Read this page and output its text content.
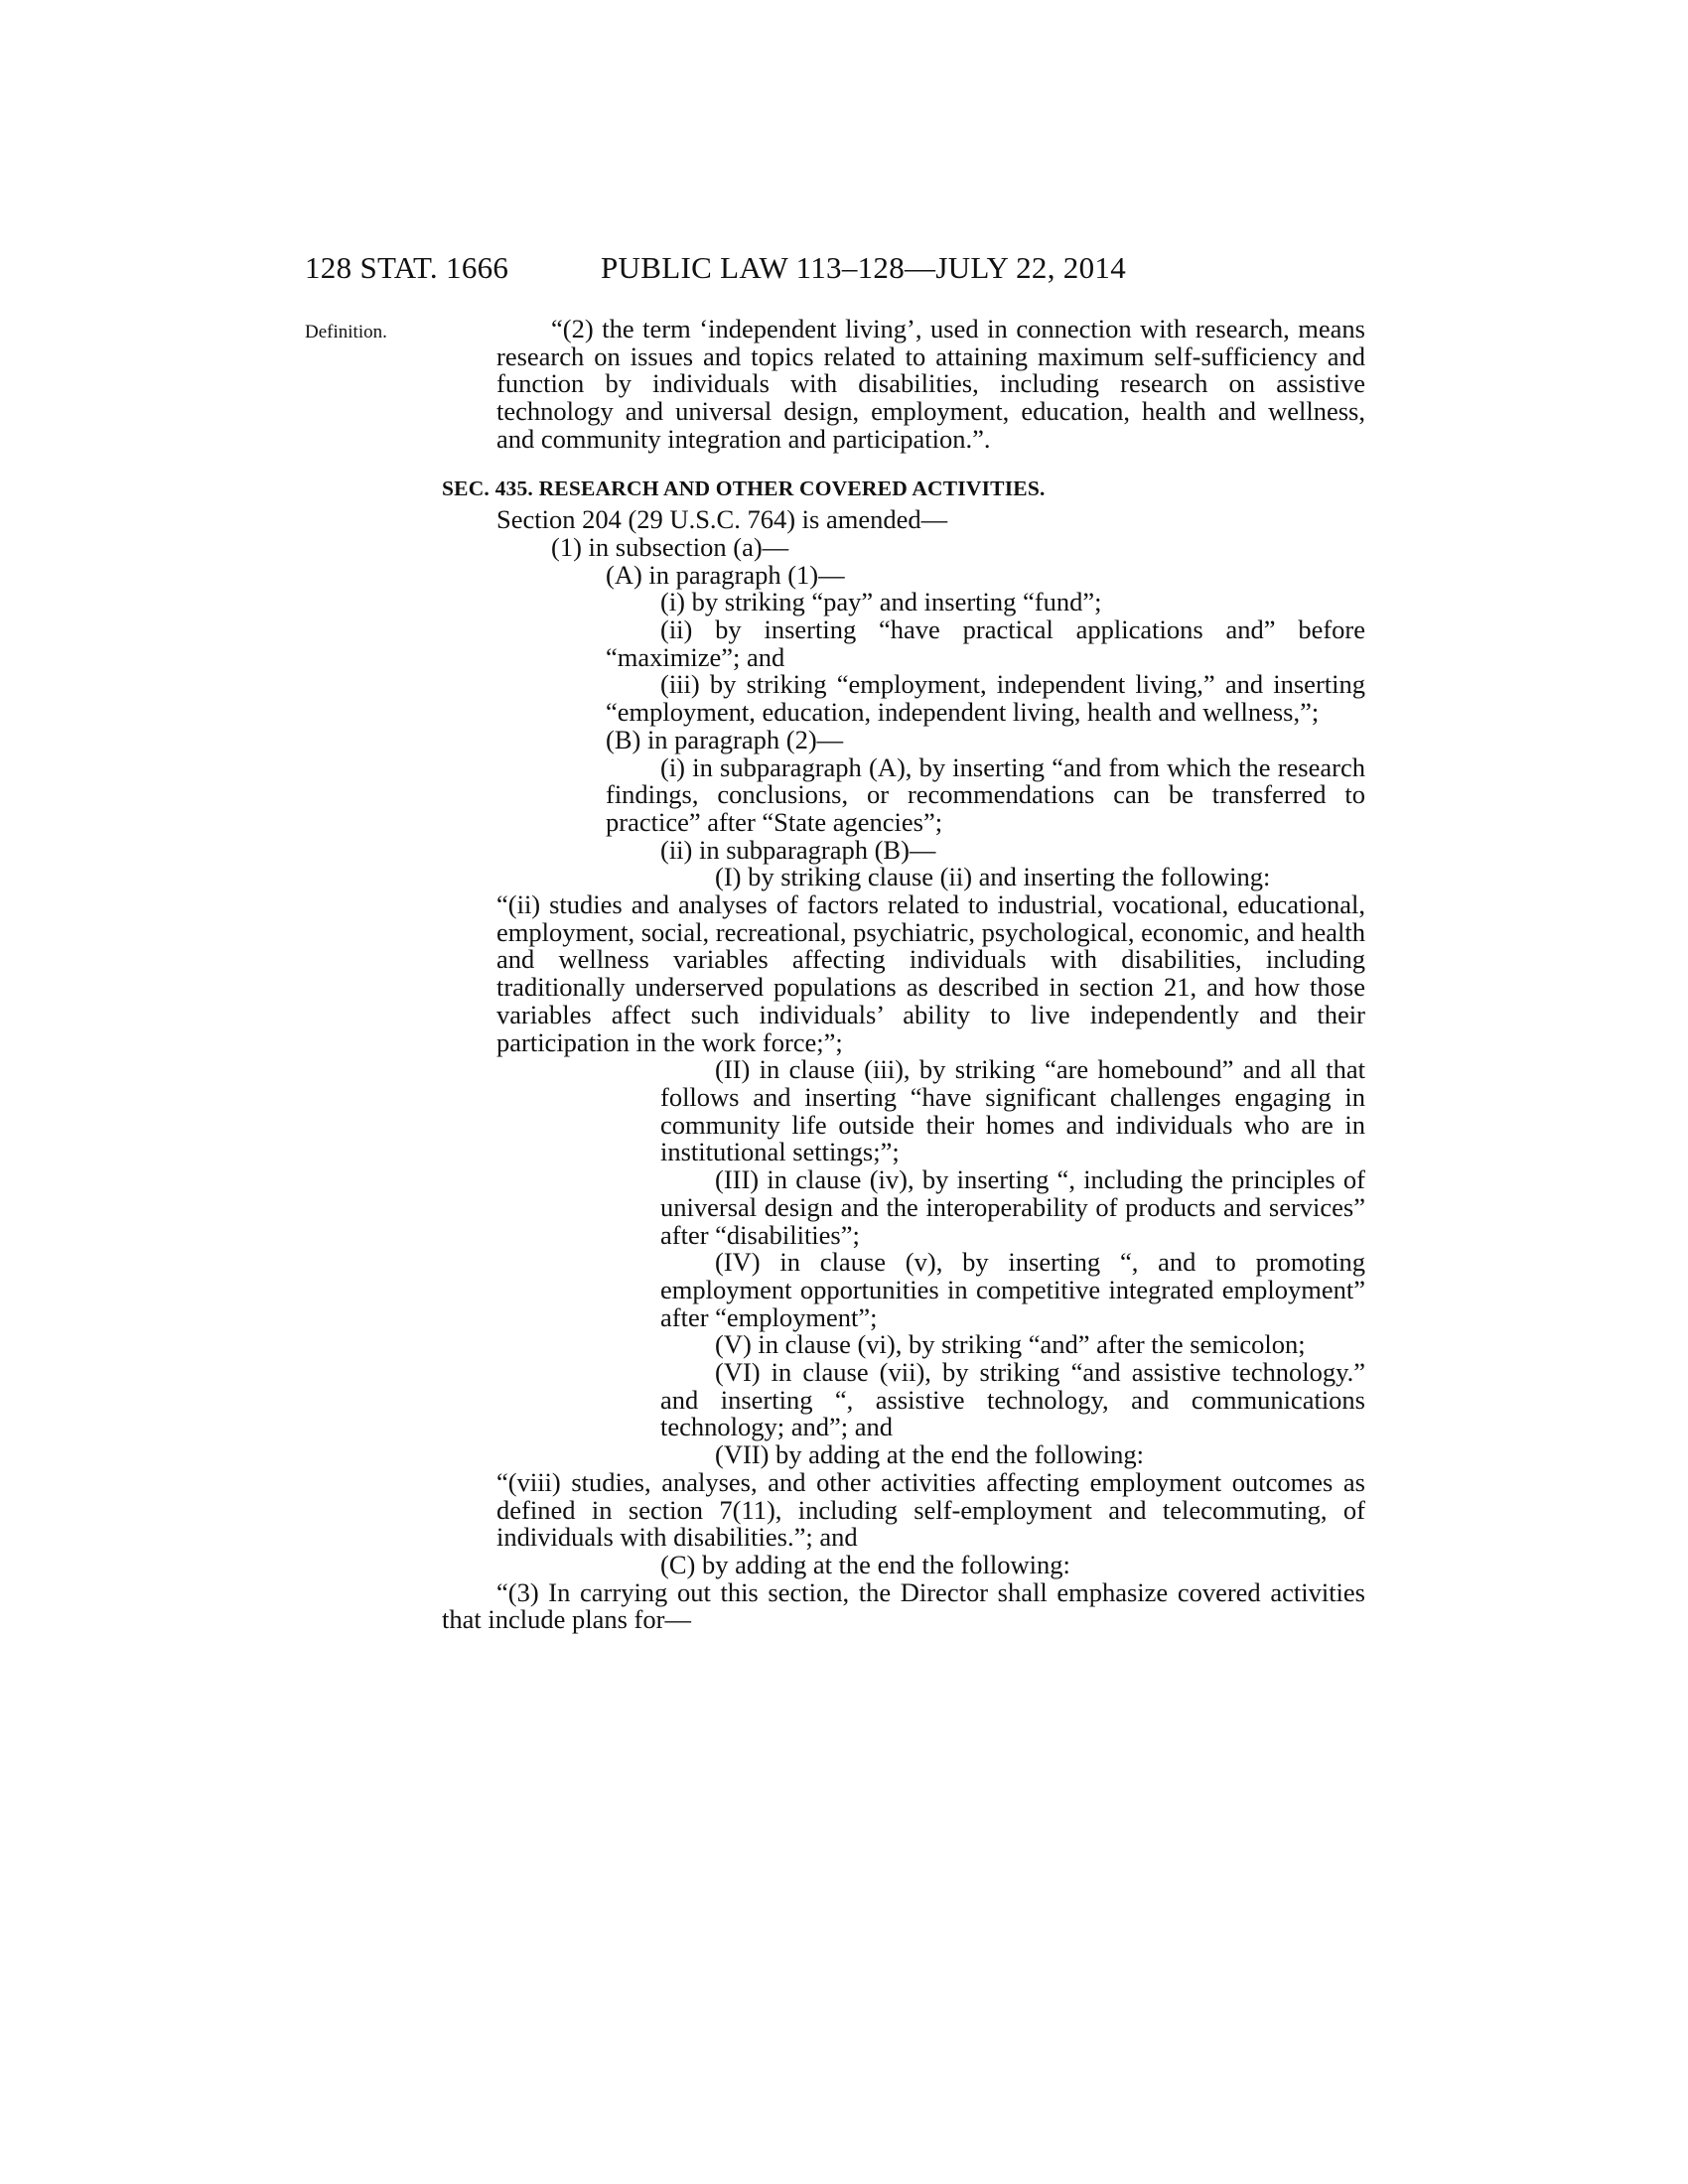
128 STAT. 1666	PUBLIC LAW 113–128—JULY 22, 2014
Definition.	“(2) the term ‘independent living’, used in connection with research, means research on issues and topics related to attaining maximum self-sufficiency and function by individuals with disabilities, including research on assistive technology and universal design, employment, education, health and wellness, and community integration and participation.”.

SEC. 435. RESEARCH AND OTHER COVERED ACTIVITIES.

Section 204 (29 U.S.C. 764) is amended—

(1) in subsection (a)—

(A) in paragraph (1)—

(i) by striking “pay” and inserting “fund”;

(ii) by inserting “have practical applications and” before “maximize”; and

(iii) by striking “employment, independent living,” and inserting “employment, education, independent living, health and wellness,”;

(B) in paragraph (2)—

(i) in subparagraph (A), by inserting “and from which the research findings, conclusions, or recommendations can be transferred to practice” after “State agencies”;

(ii) in subparagraph (B)—

(I) by striking clause (ii) and inserting the following:

“(ii) studies and analyses of factors related to industrial, vocational, educational, employment, social, recreational, psychiatric, psychological, economic, and health and wellness variables affecting individuals with disabilities, including traditionally underserved populations as described in section 21, and how those variables affect such individuals’ ability to live independently and their participation in the work force;”;

(II) in clause (iii), by striking “are homebound” and all that follows and inserting “have significant challenges engaging in community life outside their homes and individuals who are in institutional settings;”;

(III) in clause (iv), by inserting “, including the principles of universal design and the interoperability of products and services” after “disabilities”;

(IV) in clause (v), by inserting “, and to promoting employment opportunities in competitive integrated employment” after “employment”;

(V) in clause (vi), by striking “and” after the semicolon;

(VI) in clause (vii), by striking “and assistive technology.” and inserting “, assistive technology, and communications technology; and”; and

(VII) by adding at the end the following:

“(viii) studies, analyses, and other activities affecting employment outcomes as defined in section 7(11), including self-employment and telecommuting, of individuals with disabilities.”; and

(C) by adding at the end the following:

“(3) In carrying out this section, the Director shall emphasize covered activities that include plans for—
